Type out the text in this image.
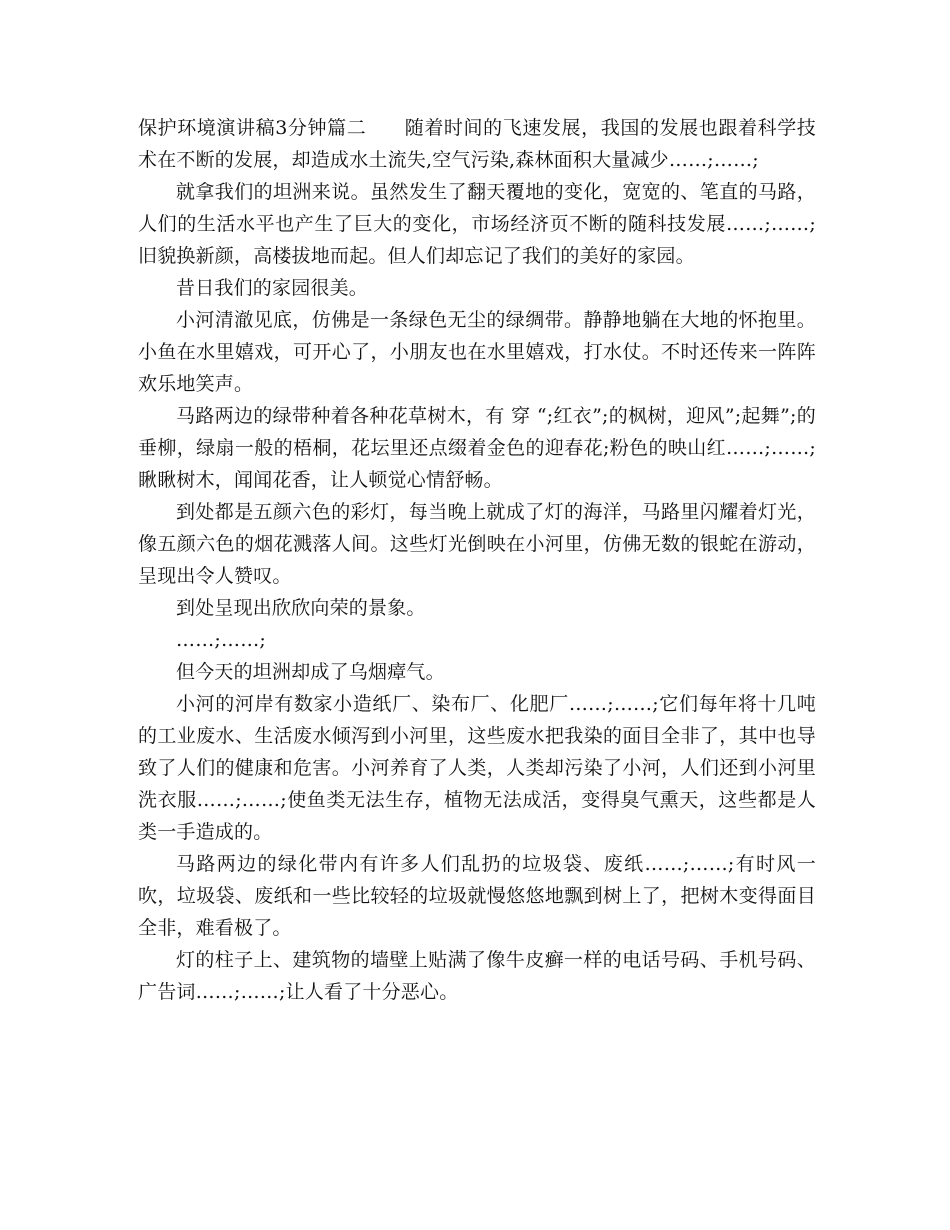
保护环境演讲稿3分钟篇二 随着时间的飞速发展，我国的发展也跟着科学技术在不断的发展，却造成水土流失,空气污染,森林面积大量减少……;……;

就拿我们的坦洲来说。虽然发生了翻天覆地的变化，宽宽的、笔直的马路，人们的生活水平也产生了巨大的变化，市场经济页不断的随科技发展……;……;旧貌换新颜，高楼拔地而起。但人们却忘记了我们的美好的家园。

昔日我们的家园很美。

小河清澈见底，仿佛是一条绿色无尘的绿绸带。静静地躺在大地的怀抱里。小鱼在水里嬉戏，可开心了，小朋友也在水里嬉戏，打水仗。不时还传来一阵阵欢乐地笑声。

马路两边的绿带种着各种花草树木，有 穿 “;红衣”;的枫树，迎风”;起舞”;的垂柳，绿扇一般的梧桐，花坛里还点缀着金色的迎春花;粉色的映山红……;……;瞅瞅树木，闻闻花香，让人顿觉心情舒畅。

到处都是五颜六色的彩灯，每当晚上就成了灯的海洋，马路里闪耀着灯光，像五颜六色的烟花溅落人间。这些灯光倒映在小河里，仿佛无数的银蛇在游动，呈现出令人赞叹。

到处呈现出欣欣向荣的景象。

……;……;

但今天的坦洲却成了乌烟瘴气。

小河的河岸有数家小造纸厂、染布厂、化肥厂……;……;它们每年将十几吨的工业废水、生活废水倾泻到小河里，这些废水把我染的面目全非了，其中也导致了人们的健康和危害。小河养育了人类，人类却污染了小河，人们还到小河里洗衣服……;……;使鱼类无法生存，植物无法成活，变得臭气熏天，这些都是人类一手造成的。

马路两边的绿化带内有许多人们乱扔的垃圾袋、废纸……;……;有时风一吹，垃圾袋、废纸和一些比较轻的垃圾就慢悠悠地飘到树上了，把树木变得面目全非，难看极了。

灯的柱子上、建筑物的墙壁上贴满了像牛皮癣一样的电话号码、手机号码、广告词……;……;让人看了十分恶心。
